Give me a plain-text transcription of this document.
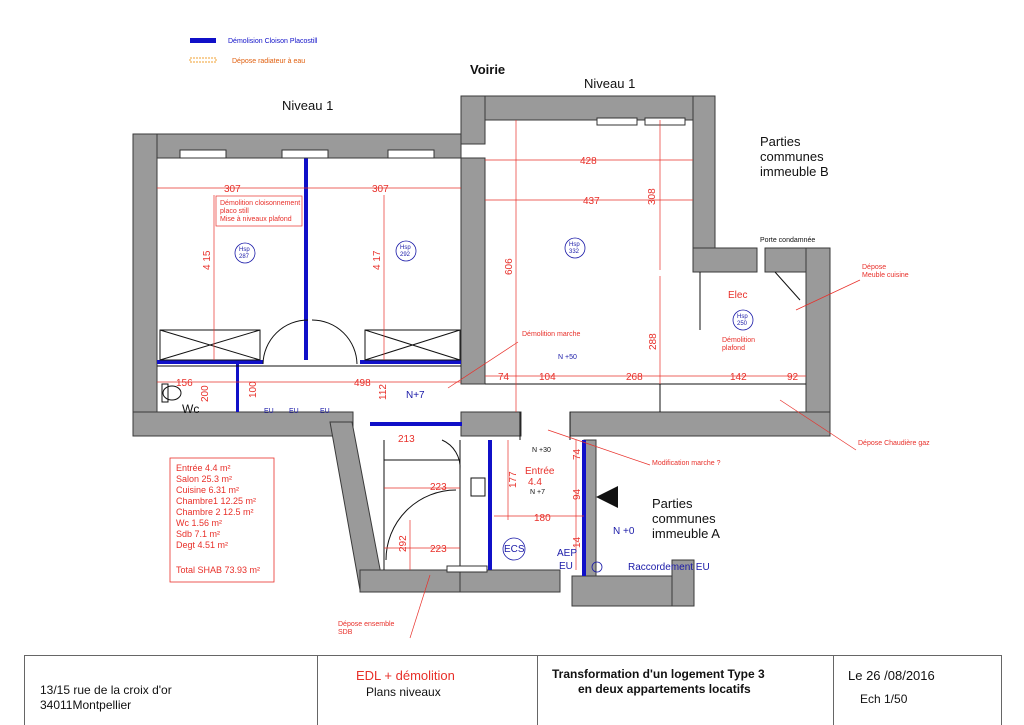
Démolision Cloison Placostill
Dépose radiateur à eau
Hsp
287
Hsp
292
Hsp
332
Hsp
250
Voirie
Niveau 1
Niveau 1
Parties
communes
immeuble B
Parties
communes
immeuble A
Porte condamnée
Wc
Elec
N+7
N +0
ECS	AEP
EU	Raccordement EU
EU EU	EU
Entrée
4.4
N +30
N +7
N +50
307	307
428
437	308
4 15	4 17	606
288
156
200	100	498
112
74	104	268	142	92
213
223
223
292
177
74
94
180
14
Démolition cloisonnement
placo still
Mise à niveaux plafond
Démolition marche
Démolition
plafond
Dépose
Meuble cuisine
Dépose Chaudière gaz
Modification marche ?
Dépose ensemble
SDB
Entrée 4.4 m²
Salon 25.3 m²
Cuisine 6.31 m²
Chambre1 12.25 m²
Chambre 2 12.5 m²
Wc 1.56 m²
Sdb 7.1 m²
Degt 4.51 m²
Total SHAB 73.93 m²
13/15 rue de la croix d'or
34011Montpellier
EDL + démolition
Plans niveaux
Transformation d'un logement Type 3
en deux appartements locatifs
Le 26 /08/2016
Ech 1/50
